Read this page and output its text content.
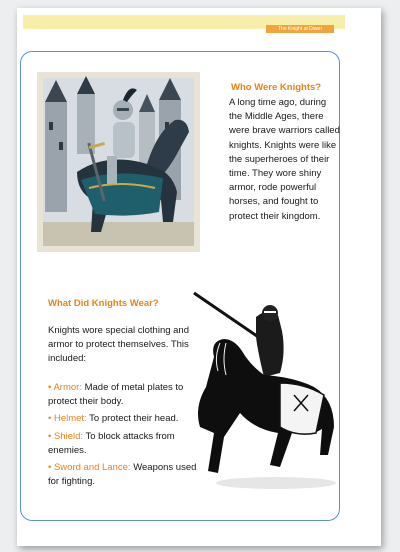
The Knight at Dawn
Who Were Knights?

A long time ago, during the Middle Ages, there were brave warriors called knights. Knights were like the superheroes of their time. They wore shiny armor, rode powerful horses, and fought to protect their kingdom.

What Did Knights Wear?

Knights wore special clothing and armor to protect themselves. This included:

• Armor: Made of metal plates to protect their body.
• Helmet: To protect their head.
• Shield: To block attacks from enemies.
• Sword and Lance: Weapons used for fighting.
